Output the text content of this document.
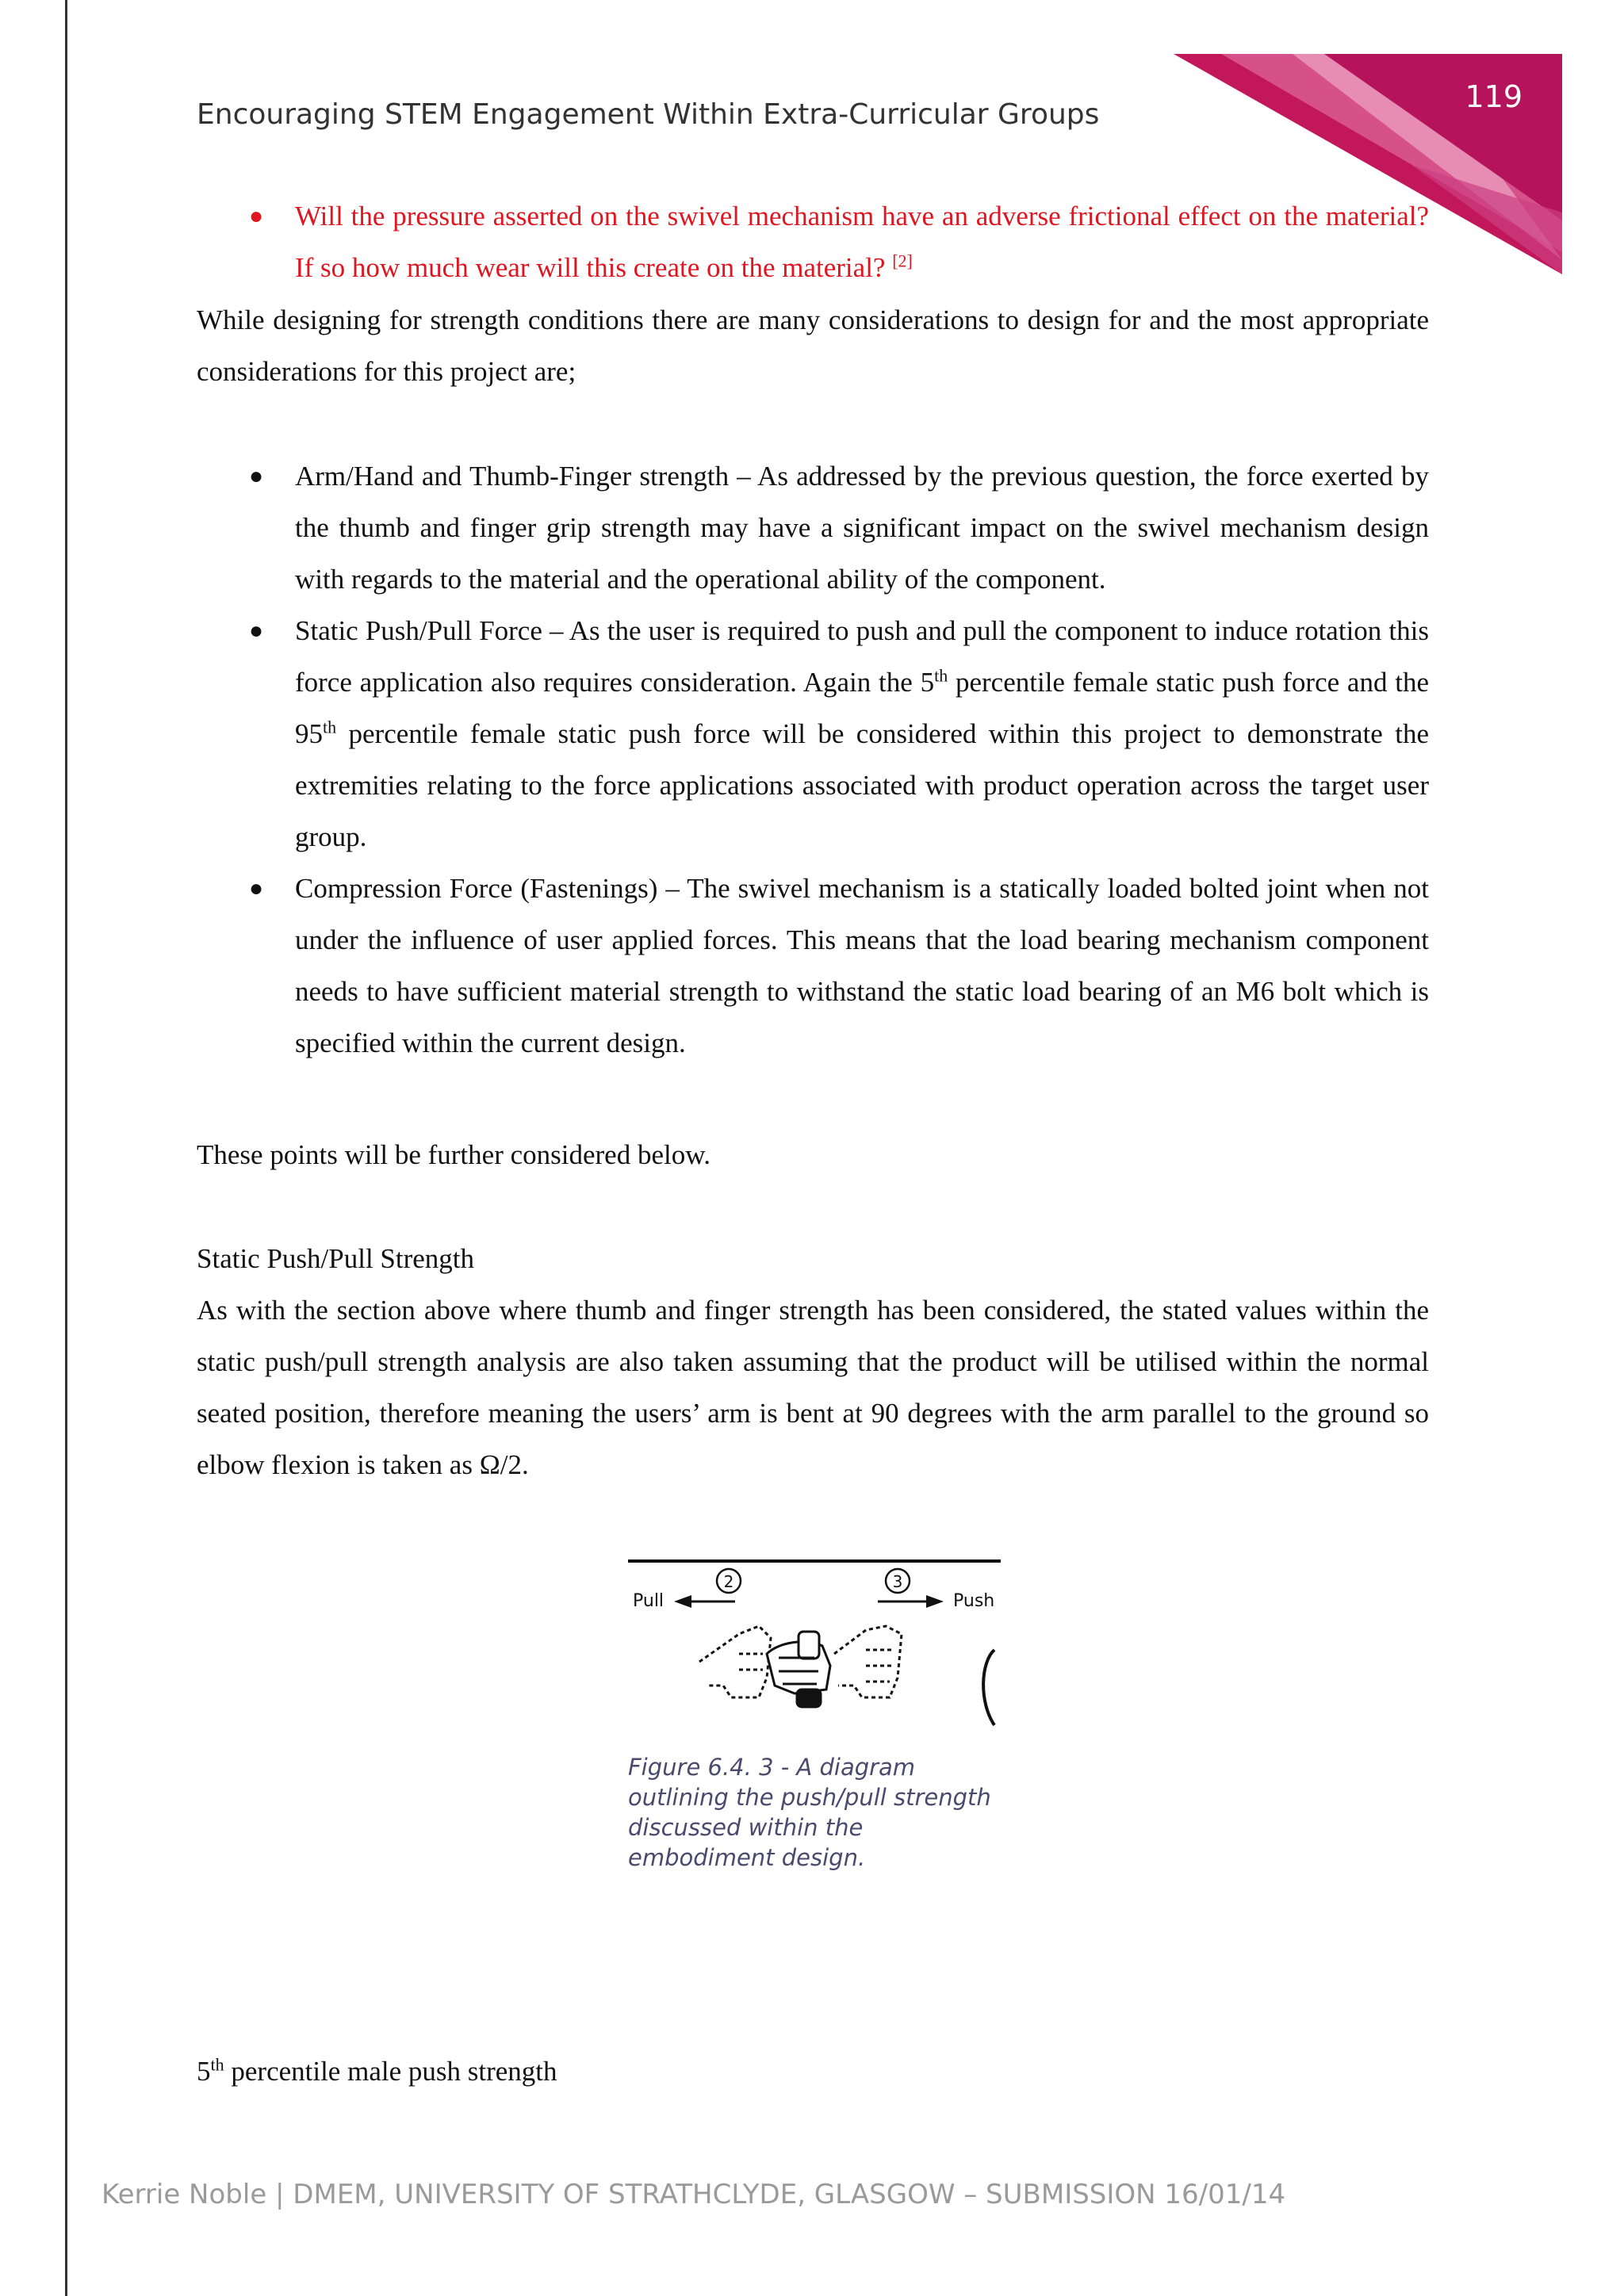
119
Encouraging STEM Engagement Within Extra-Curricular Groups
● Will the pressure asserted on the swivel mechanism have an adverse frictional effect on the material? If so how much wear will this create on the material? [2]
While designing for strength conditions there are many considerations to design for and the most appropriate considerations for this project are;
● Arm/Hand and Thumb-Finger strength – As addressed by the previous question, the force exerted by the thumb and finger grip strength may have a significant impact on the swivel mechanism design with regards to the material and the operational ability of the component.
● Static Push/Pull Force – As the user is required to push and pull the component to induce rotation this force application also requires consideration. Again the 5th percentile female static push force and the 95th percentile female static push force will be considered within this project to demonstrate the extremities relating to the force applications associated with product operation across the target user group.
● Compression Force (Fastenings) – The swivel mechanism is a statically loaded bolted joint when not under the influence of user applied forces. This means that the load bearing mechanism component needs to have sufficient material strength to withstand the static load bearing of an M6 bolt which is specified within the current design.
These points will be further considered below.
Static Push/Pull Strength
As with the section above where thumb and finger strength has been considered, the stated values within the static push/pull strength analysis are also taken assuming that the product will be utilised within the normal seated position, therefore meaning the users’ arm is bent at 90 degrees with the arm parallel to the ground so elbow flexion is taken as Ω/2.
Pull
2
Push
3
Figure 6.4. 3 - A diagram outlining the push/pull strength discussed within the embodiment design.
5th percentile male push strength
Kerrie Noble | DMEM, UNIVERSITY OF STRATHCLYDE, GLASGOW – SUBMISSION 16/01/14
